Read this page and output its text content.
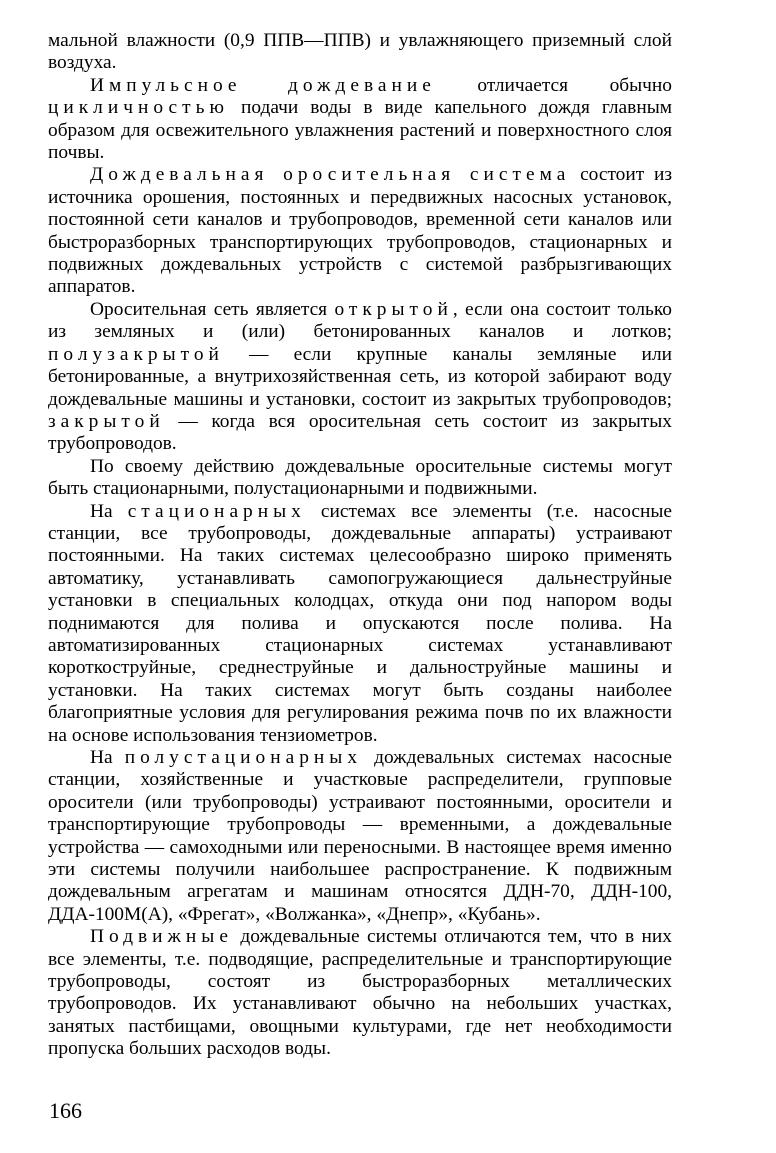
мальной влажности (0,9 ППВ—ППВ) и увлажняющего приземный слой воздуха.

Импульсное дождевание отличается обычно цикличностью подачи воды в виде капельного дождя главным образом для освежительного увлажнения растений и поверхностного слоя почвы.

Дождевальная оросительная система состоит из источника орошения, постоянных и передвижных насосных установок, постоянной сети каналов и трубопроводов, временной сети каналов или быстроразборных транспортирующих трубопроводов, стационарных и подвижных дождевальных устройств с системой разбрызгивающих аппаратов.

Оросительная сеть является открытой, если она состоит только из земляных и (или) бетонированных каналов и лотков; полузакрытой — если крупные каналы земляные или бетонированные, а внутрихозяйственная сеть, из которой забирают воду дождевальные машины и установки, состоит из закрытых трубопроводов; закрытой — когда вся оросительная сеть состоит из закрытых трубопроводов.

По своему действию дождевальные оросительные системы могут быть стационарными, полустационарными и подвижными.

На стационарных системах все элементы (т.е. насосные станции, все трубопроводы, дождевальные аппараты) устраивают постоянными. На таких системах целесообразно широко применять автоматику, устанавливать самопогружающиеся дальнеструйные установки в специальных колодцах, откуда они под напором воды поднимаются для полива и опускаются после полива. На автоматизированных стационарных системах устанавливают короткоструйные, среднеструйные и дальноструйные машины и установки. На таких системах могут быть созданы наиболее благоприятные условия для регулирования режима почв по их влажности на основе использования тензиометров.

На полустационарных дождевальных системах насосные станции, хозяйственные и участковые распределители, групповые оросители (или трубопроводы) устраивают постоянными, оросители и транспортирующие трубопроводы — временными, а дождевальные устройства — самоходными или переносными. В настоящее время именно эти системы получили наибольшее распространение. К подвижным дождевальным агрегатам и машинам относятся ДДН-70, ДДН-100, ДДА-100М(А), «Фрегат», «Волжанка», «Днепр», «Кубань».

Подвижные дождевальные системы отличаются тем, что в них все элементы, т.е. подводящие, распределительные и транспортирующие трубопроводы, состоят из быстроразборных металлических трубопроводов. Их устанавливают обычно на небольших участках, занятых пастбищами, овощными культурами, где нет необходимости пропуска больших расходов воды.

166
